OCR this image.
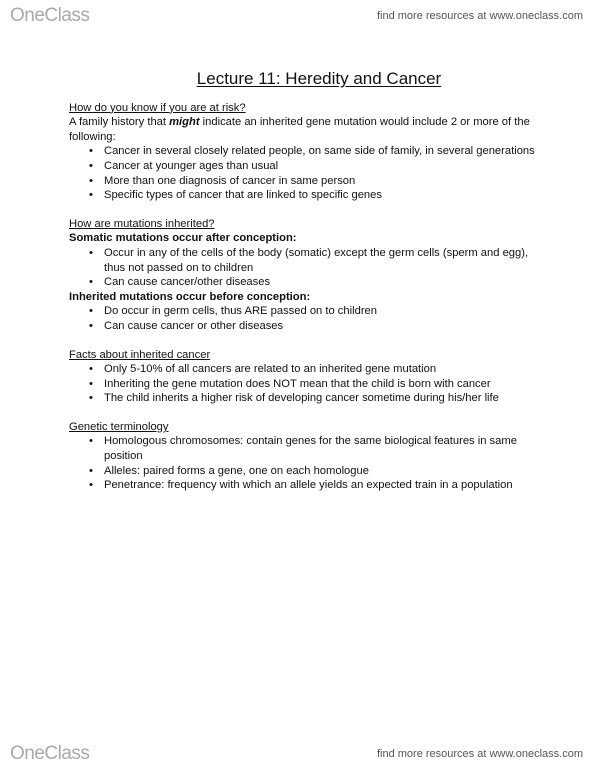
OneClass	find more resources at www.oneclass.com
Lecture 11: Heredity and Cancer
How do you know if you are at risk?

A family history that might indicate an inherited gene mutation would include 2 or more of the following:

• Cancer in several closely related people, on same side of family, in several generations
• Cancer at younger ages than usual
• More than one diagnosis of cancer in same person
• Specific types of cancer that are linked to specific genes
How are mutations inherited?

Somatic mutations occur after conception:

• Occur in any of the cells of the body (somatic) except the germ cells (sperm and egg), thus not passed on to children
• Can cause cancer/other diseases

Inherited mutations occur before conception:

• Do occur in germ cells, thus ARE passed on to children
• Can cause cancer or other diseases
Facts about inherited cancer
• Only 5-10% of all cancers are related to an inherited gene mutation
• Inheriting the gene mutation does NOT mean that the child is born with cancer
• The child inherits a higher risk of developing cancer sometime during his/her life
Genetic terminology
• Homologous chromosomes: contain genes for the same biological features in same position
• Alleles: paired forms a gene, one on each homologue
• Penetrance: frequency with which an allele yields an expected train in a population
OneClass	find more resources at www.oneclass.com
